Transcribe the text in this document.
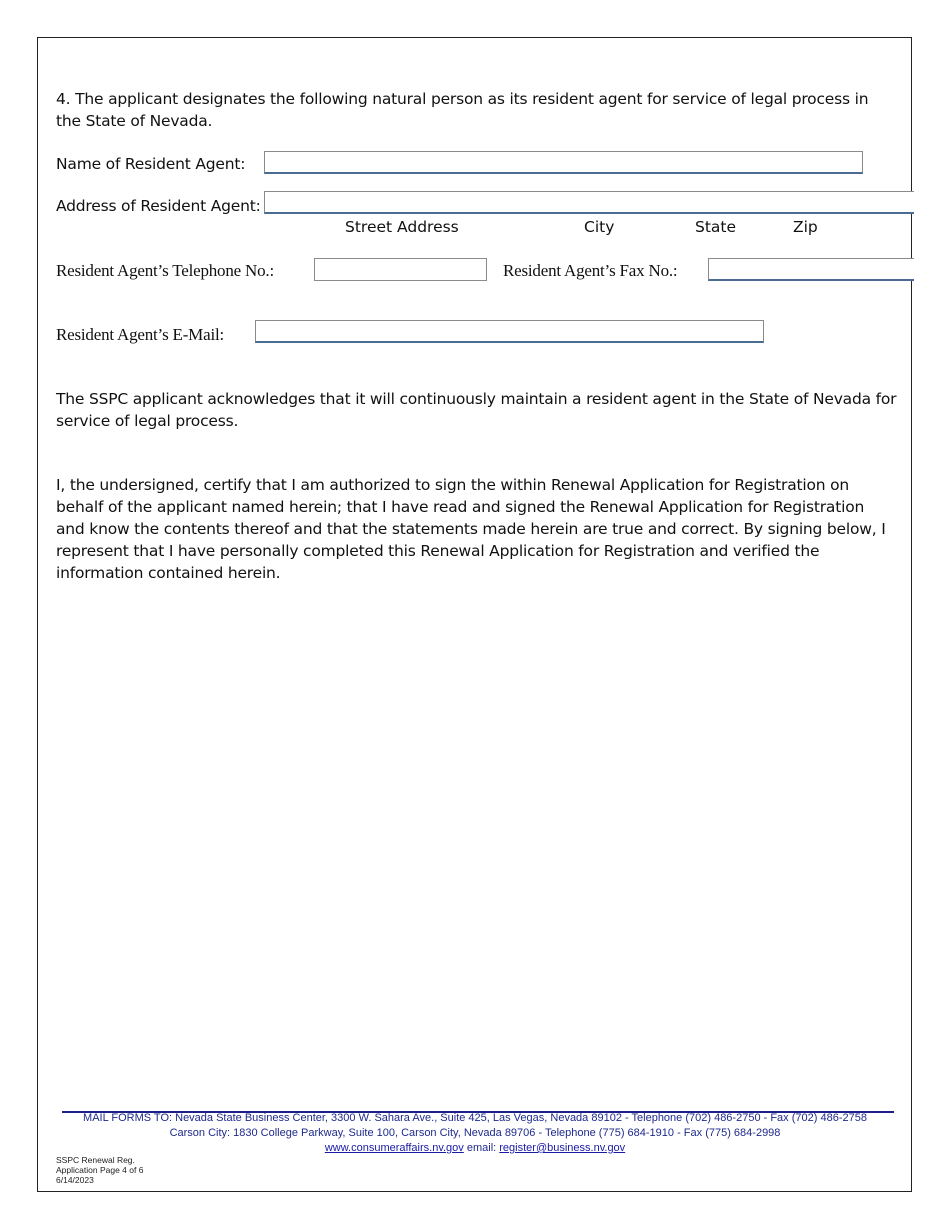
4. The applicant designates the following natural person as its resident agent for service of legal process in the State of Nevada.
Name of Resident Agent:
Address of Resident Agent:
Street Address	City	State	Zip
Resident Agent’s Telephone No.:	Resident Agent’s Fax No.:
Resident Agent’s E-Mail:
The SSPC applicant acknowledges that it will continuously maintain a resident agent in the State of Nevada for service of legal process.
I, the undersigned, certify that I am authorized to sign the within Renewal Application for Registration on behalf of the applicant named herein; that I have read and signed the Renewal Application for Registration and know the contents thereof and that the statements made herein are true and correct. By signing below, I represent that I have personally completed this Renewal Application for Registration and verified the information contained herein.
MAIL FORMS TO: Nevada State Business Center, 3300 W. Sahara Ave., Suite 425, Las Vegas, Nevada 89102 - Telephone (702) 486-2750 - Fax (702) 486-2758
Carson City: 1830 College Parkway, Suite 100, Carson City, Nevada 89706 - Telephone (775) 684-1910 - Fax (775) 684-2998
www.consumeraffairs.nv.gov email: register@business.nv.gov
SSPC Renewal Reg.
Application Page 4 of 6
6/14/2023
